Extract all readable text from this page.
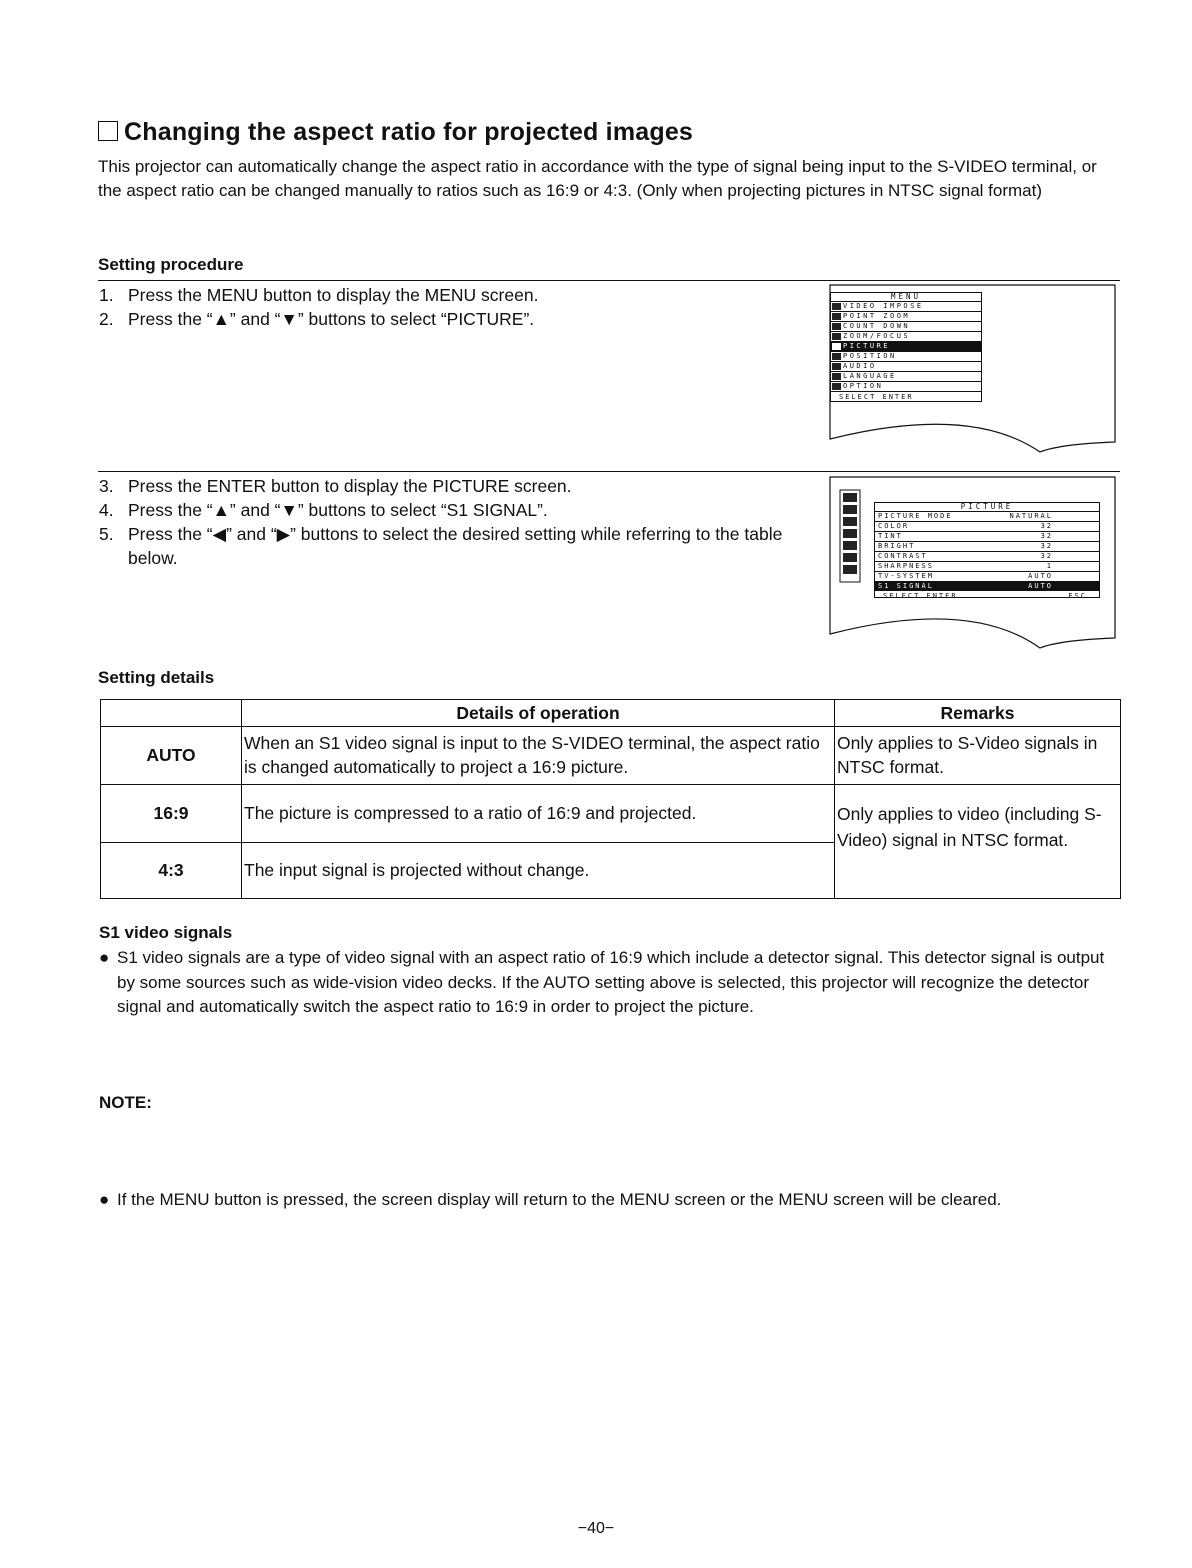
Changing the aspect ratio for projected images

This projector can automatically change the aspect ratio in accordance with the type of signal being input to the S-VIDEO terminal, or the aspect ratio can be changed manually to ratios such as 16:9 or 4:3. (Only when projecting pictures in NTSC signal format)

Setting procedure
1. Press the MENU button to display the MENU screen.
2. Press the “▲” and “▼” buttons to select “PICTURE”.
MENU
VIDEO IMPOSE
POINT ZOOM
COUNT DOWN
ZOOM/FOCUS
PICTURE
POSITION
AUDIO
LANGUAGE
OPTION
SELECT ENTER
3. Press the ENTER button to display the PICTURE screen.
4. Press the “▲” and “▼” buttons to select “S1 SIGNAL”.
5. Press the “◀” and “▶” buttons to select the desired setting while referring to the table below.
PICTURE
PICTURE MODE	NATURAL
COLOR	32
TINT	32
BRIGHT	32
CONTRAST	32
SHARPNESS	1
TV-SYSTEM	AUTO
S1 SIGNAL	AUTO
SELECT ENTER	ESC
Setting details
	Details of operation	Remarks
AUTO	When an S1 video signal is input to the S-VIDEO terminal, the aspect ratio is changed automatically to project a 16:9 picture.	Only applies to S-Video signals in NTSC format.
16:9	The picture is compressed to a ratio of 16:9 and projected.	Only applies to video (including S-Video) signal in NTSC format.
4:3	The input signal is projected without change.	
S1 video signals
● S1 video signals are a type of video signal with an aspect ratio of 16:9 which include a detector signal. This detector signal is output by some sources such as wide-vision video decks. If the AUTO setting above is selected, this projector will recognize the detector signal and automatically switch the aspect ratio to 16:9 in order to project the picture.
NOTE:
● If the MENU button is pressed, the screen display will return to the MENU screen or the MENU screen will be cleared.
−40−
